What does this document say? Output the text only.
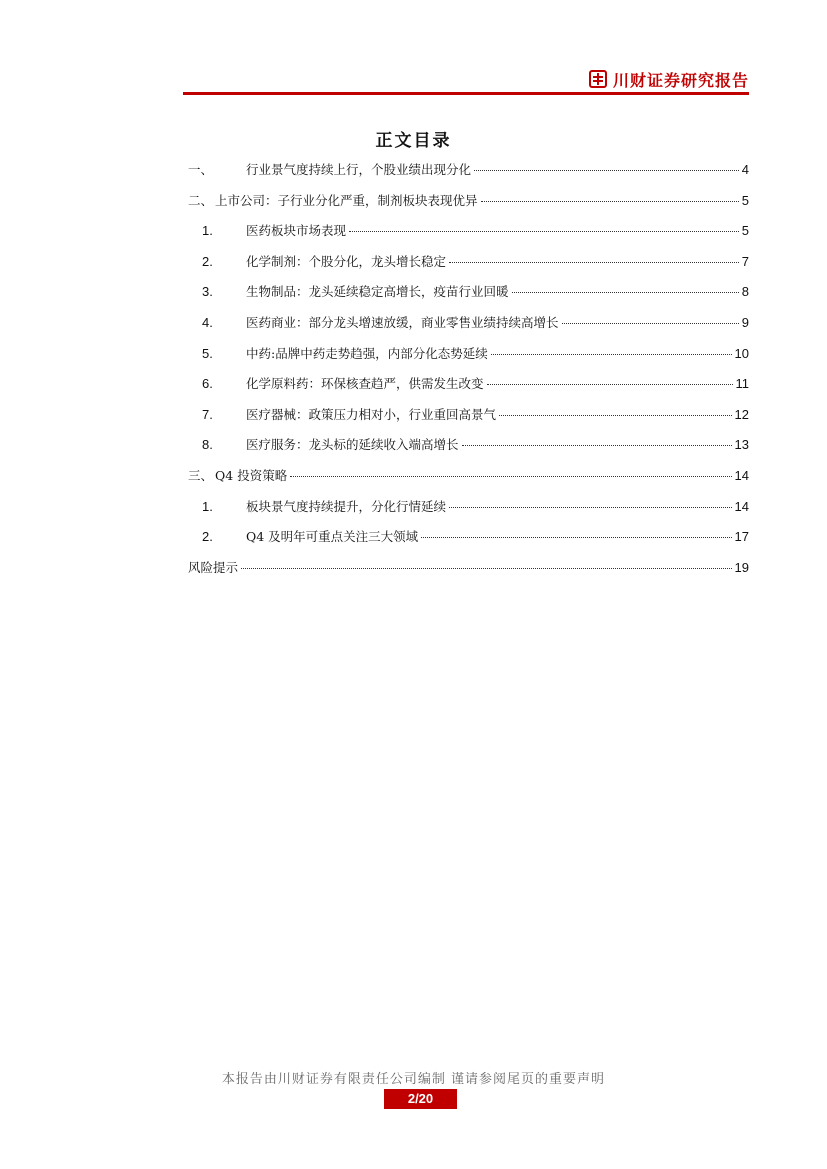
川财证券研究报告
正文目录
一、	行业景气度持续上行，个股业绩出现分化	4
二、 上市公司：子行业分化严重，制剂板块表现优异	5
1.	医药板块市场表现	5
2.	化学制剂：个股分化，龙头增长稳定	7
3.	生物制品：龙头延续稳定高增长，疫苗行业回暖	8
4.	医药商业：部分龙头增速放缓，商业零售业绩持续高增长	9
5.	中药:品牌中药走势趋强，内部分化态势延续	10
6.	化学原料药：环保核查趋严，供需发生改变	11
7.	医疗器械：政策压力相对小，行业重回高景气	12
8.	医疗服务：龙头标的延续收入端高增长	13
三、 Q4 投资策略	14
1.	板块景气度持续提升，分化行情延续	14
2.	Q4 及明年可重点关注三大领域	17
风险提示	19
本报告由川财证券有限责任公司编制 谨请参阅尾页的重要声明
2/20
